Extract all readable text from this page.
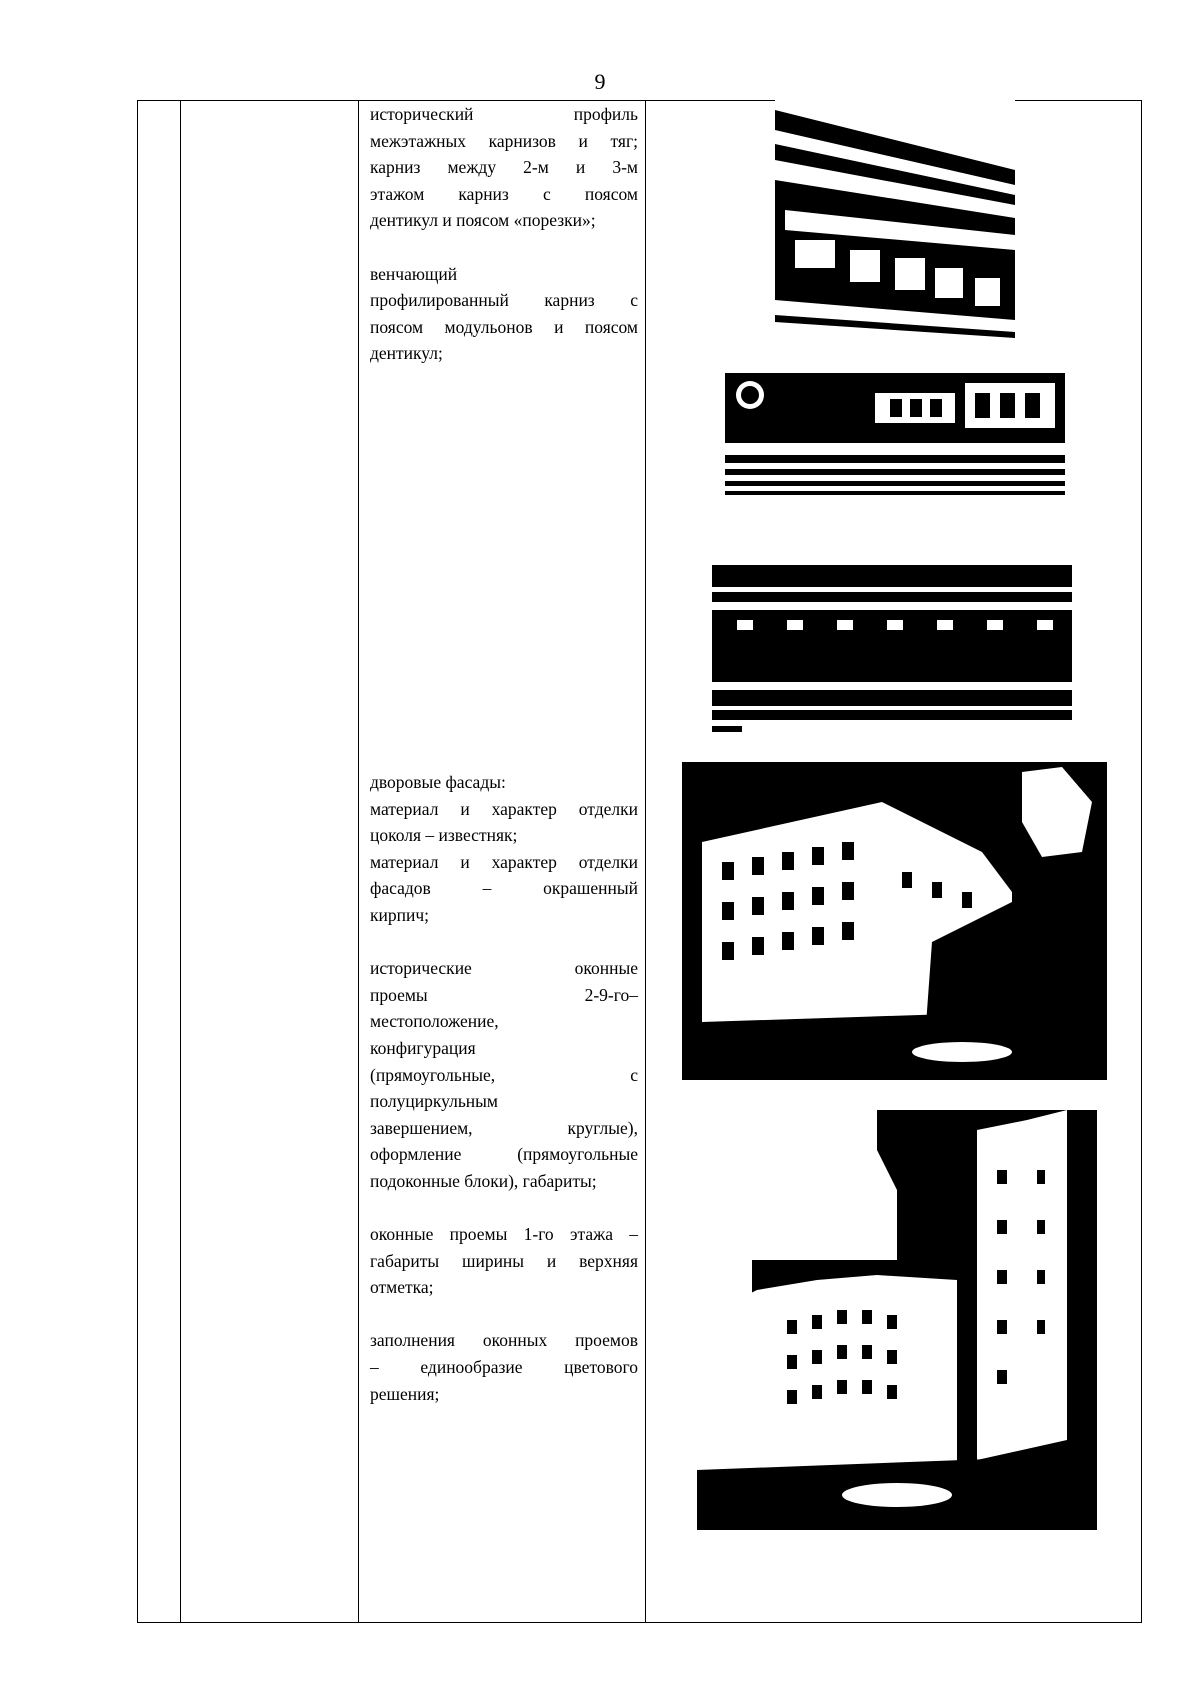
9

исторический профиль
межэтажных карнизов и тяг;
карниз между 2-м и 3-м
этажом карниз с поясом
дентикул и поясом «порезки»;

венчающий
профилированный карниз с
поясом модульонов и поясом
дентикул;

дворовые фасады:
материал и характер отделки
цоколя – известняк;
материал и характер отделки
фасадов – окрашенный
кирпич;

исторические оконные
проемы 2-9-го–
местоположение,
конфигурация
(прямоугольные, с
полуциркульным
завершением, круглые),
оформление (прямоугольные
подоконные блоки), габариты;

оконные проемы 1-го этажа –
габариты ширины и верхняя
отметка;

заполнения оконных проемов
– единообразие цветового
решения;
